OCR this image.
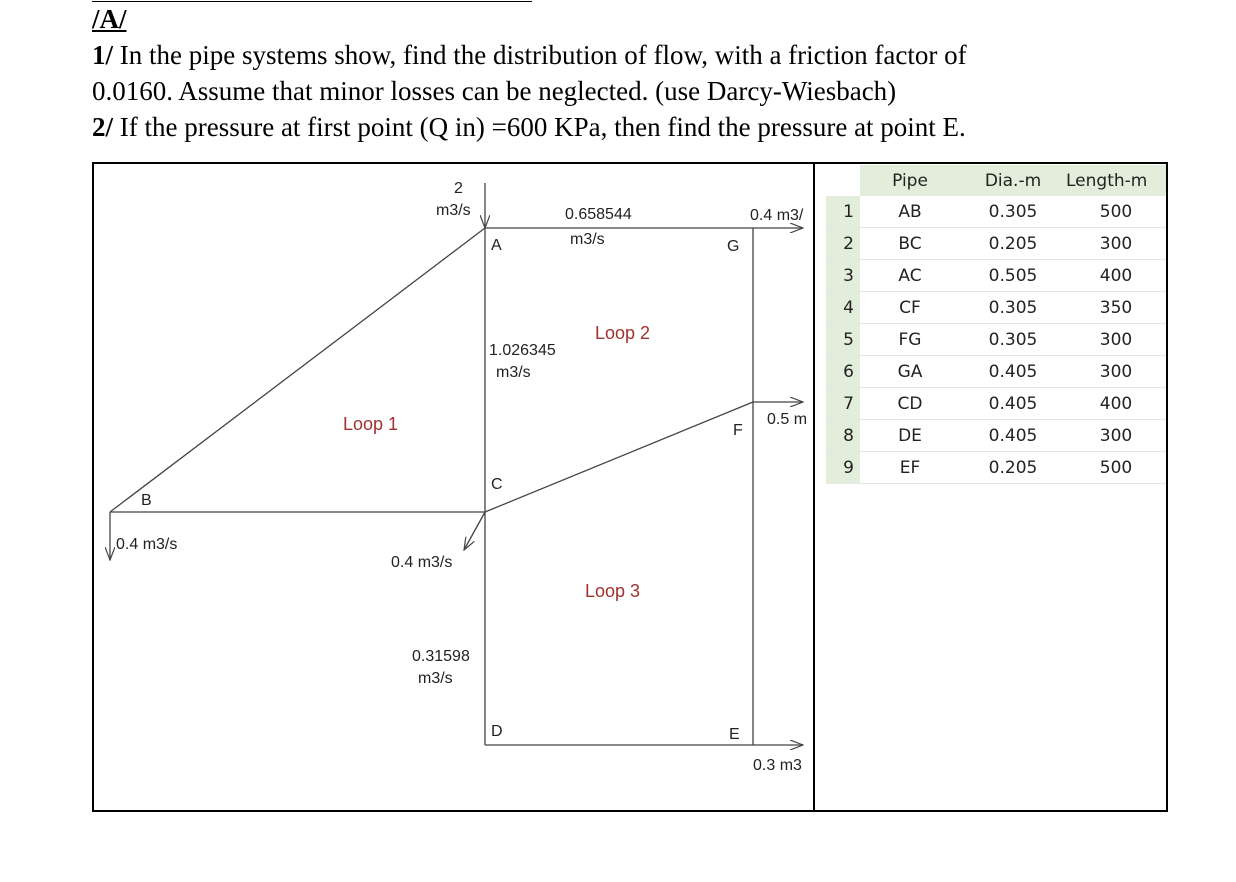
/A/
1/ In the pipe systems show, find the distribution of flow, with a friction factor of
0.0160. Assume that minor losses can be neglected. (use Darcy-Wiesbach)
2/ If the pressure at first point (Q in) =600 KPa, then find the pressure at point E.
2
m3/s	0.658544
m3/s
1.026345
m3/s
0.31598
m3/s
0.4 m3/
0.5 m
0.3 m3
0.4 m3/s
0.4 m3/s
A
B
C
D	E
F
G
Loop 1
Loop 2
Loop 3
	Pipe	Dia.-m	Length-m
1	AB	0.305	500
2	BC	0.205	300
3	AC	0.505	400
4	CF	0.305	350
5	FG	0.305	300
6	GA	0.405	300
7	CD	0.405	400
8	DE	0.405	300
9	EF	0.205	500
